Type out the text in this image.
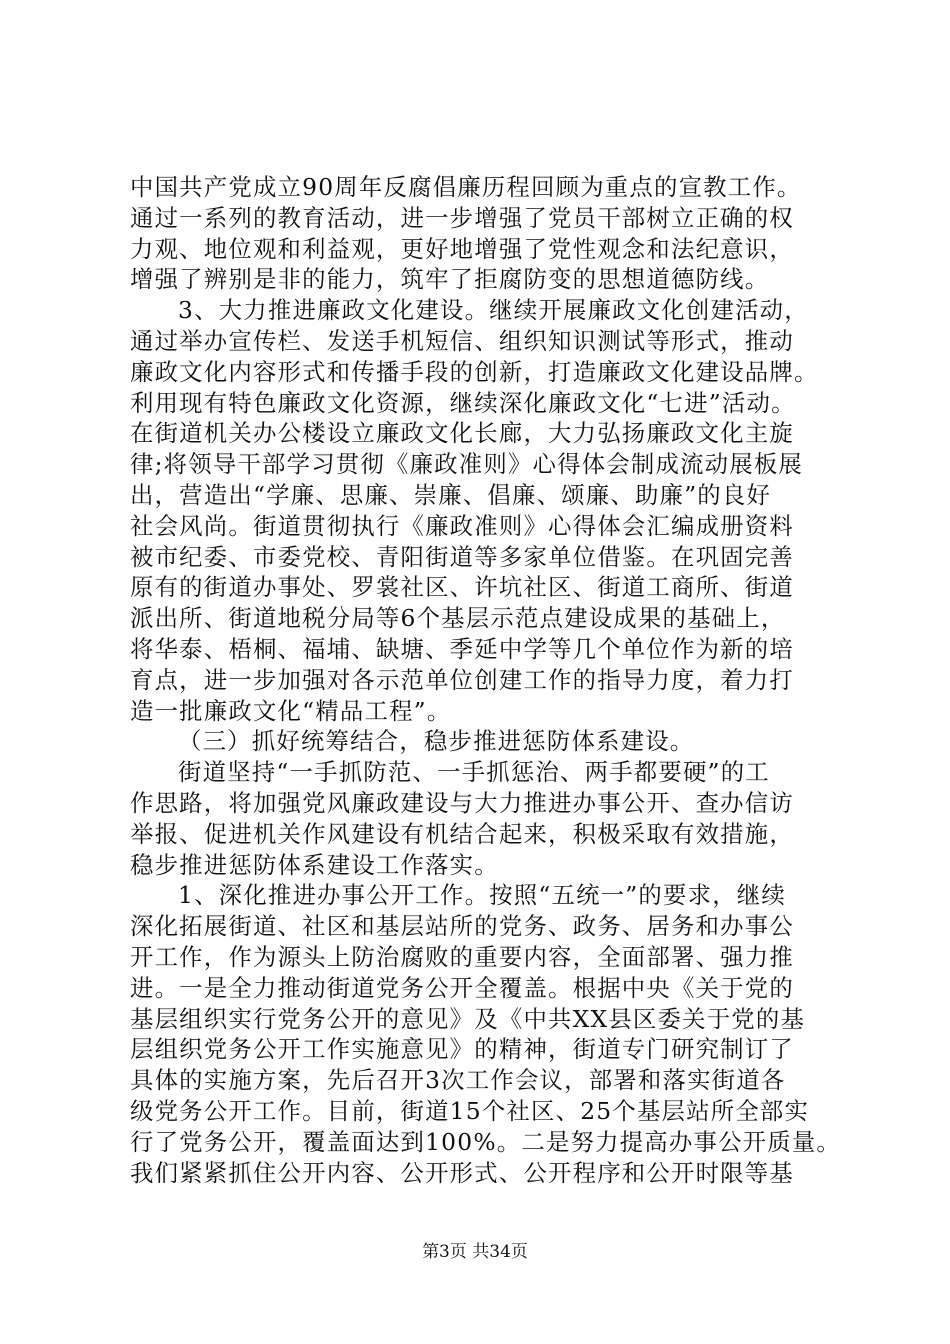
中国共产党成立90周年反腐倡廉历程回顾为重点的宣教工作。
通过一系列的教育活动，进一步增强了党员干部树立正确的权
力观、地位观和利益观，更好地增强了党性观念和法纪意识，
增强了辨别是非的能力，筑牢了拒腐防变的思想道德防线。
3、大力推进廉政文化建设。继续开展廉政文化创建活动，
通过举办宣传栏、发送手机短信、组织知识测试等形式，推动
廉政文化内容形式和传播手段的创新，打造廉政文化建设品牌。
利用现有特色廉政文化资源，继续深化廉政文化“七进”活动。
在街道机关办公楼设立廉政文化长廊，大力弘扬廉政文化主旋
律;将领导干部学习贯彻《廉政准则》心得体会制成流动展板展
出，营造出“学廉、思廉、崇廉、倡廉、颂廉、助廉”的良好
社会风尚。街道贯彻执行《廉政准则》心得体会汇编成册资料
被市纪委、市委党校、青阳街道等多家单位借鉴。在巩固完善
原有的街道办事处、罗裳社区、许坑社区、街道工商所、街道
派出所、街道地税分局等6个基层示范点建设成果的基础上，
将华泰、梧桐、福埔、缺塘、季延中学等几个单位作为新的培
育点，进一步加强对各示范单位创建工作的指导力度，着力打
造一批廉政文化“精品工程”。
（三）抓好统筹结合，稳步推进惩防体系建设。
街道坚持“一手抓防范、一手抓惩治、两手都要硬”的工
作思路，将加强党风廉政建设与大力推进办事公开、查办信访
举报、促进机关作风建设有机结合起来，积极采取有效措施，
稳步推进惩防体系建设工作落实。
1、深化推进办事公开工作。按照“五统一”的要求，继续
深化拓展街道、社区和基层站所的党务、政务、居务和办事公
开工作，作为源头上防治腐败的重要内容，全面部署、强力推
进。一是全力推动街道党务公开全覆盖。根据中央《关于党的
基层组织实行党务公开的意见》及《中共XX县区委关于党的基
层组织党务公开工作实施意见》的精神，街道专门研究制订了
具体的实施方案，先后召开3次工作会议，部署和落实街道各
级党务公开工作。目前，街道15个社区、25个基层站所全部实
行了党务公开，覆盖面达到100%。二是努力提高办事公开质量。
我们紧紧抓住公开内容、公开形式、公开程序和公开时限等基
第3页 共34页
